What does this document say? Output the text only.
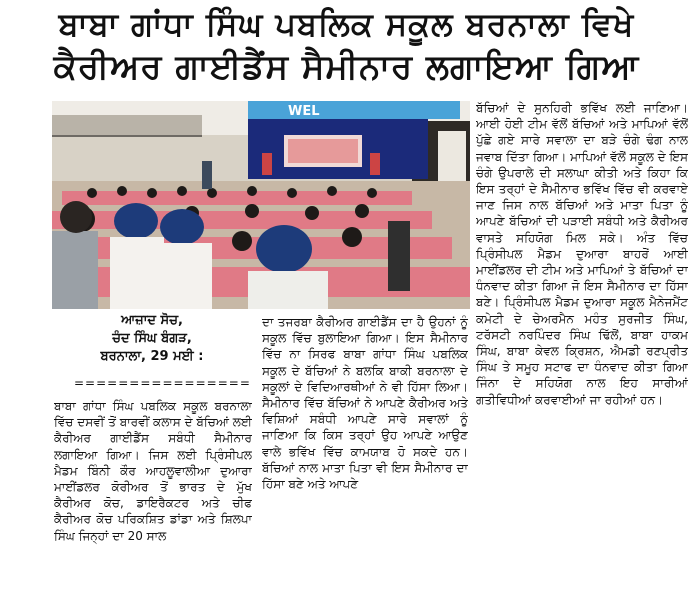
ਬਾਬਾ ਗਾਂਧਾ ਸਿੰਘ ਪਬਲਿਕ ਸਕੂਲ ਬਰਨਾਲਾ ਵਿਖੇ
ਕੈਰੀਅਰ ਗਾਈਡੈਂਸ ਸੈਮੀਨਾਰ ਲਗਾਇਆ ਗਿਆ
WEL
ਆਜ਼ਾਦ ਸੋਚ,
ਚੰਦ ਸਿੰਘ ਬੰਗੜ,
ਬਰਨਾਲਾ, 29 ਮਈ :
================

ਬਾਬਾ ਗਾਂਧਾ ਸਿੰਘ ਪਬਲਿਕ ਸਕੂਲ ਬਰਨਾਲਾ ਵਿੱਚ ਦਸਵੀਂ ਤੋਂ ਬਾਰਵੀਂ ਕਲਾਸ ਦੇ ਬੱਚਿਆਂ ਲਈ ਕੈਰੀਅਰ ਗਾਈਡੈਂਸ ਸਬੰਧੀ ਸੈਮੀਨਾਰ ਲਗਾਇਆ ਗਿਆ। ਜਿਸ ਲਈ ਪ੍ਰਿੰਸੀਪਲ ਮੈਡਮ ਬਿੰਨੀ ਕੌਰ ਆਹਲੂਵਾਲੀਆ ਦੁਆਰਾ ਮਾਈਂਡਲਰ ਕੋਰੀਅਰ ਤੋਂ ਭਾਰਤ ਦੇ ਮੁੱਖ ਕੈਰੀਅਰ ਕੋਚ, ਡਾਇਰੈਕਟਰ ਅਤੇ ਚੀਫ ਕੈਰੀਅਰ ਕੋਚ ਪਰਿਕਸ਼ਿਤ ਡਾਂਡਾ ਅਤੇ ਸ਼ਿਲਪਾ ਸਿੰਘ ਜਿਨ੍ਹਾਂ ਦਾ 20 ਸਾਲ

ਦਾ ਤਜਰਬਾ ਕੈਰੀਅਰ ਗਾਈਡੈਂਸ ਦਾ ਹੈ ਉਹਨਾਂ ਨੂੰ ਸਕੂਲ ਵਿੱਚ ਬੁਲਾਇਆ ਗਿਆ। ਇਸ ਸੈਮੀਨਾਰ ਵਿੱਚ ਨਾ ਸਿਰਫ ਬਾਬਾ ਗਾਂਧਾ ਸਿੰਘ ਪਬਲਿਕ ਸਕੂਲ ਦੇ ਬੱਚਿਆਂ ਨੇ ਬਲਕਿ ਬਾਕੀ ਬਰਨਾਲਾ ਦੇ ਸਕੂਲਾਂ ਦੇ ਵਿਦਿਆਰਥੀਆਂ ਨੇ ਵੀ ਹਿੱਸਾ ਲਿਆ। ਸੈਮੀਨਾਰ ਵਿੱਚ ਬੱਚਿਆਂ ਨੇ ਆਪਣੇ ਕੈਰੀਅਰ ਅਤੇ ਵਿਸ਼ਿਆਂ ਸਬੰਧੀ ਆਪਣੇ ਸਾਰੇ ਸਵਾਲਾਂ ਨੂੰ ਜਾਣਿਆ ਕਿ ਕਿਸ ਤਰ੍ਹਾਂ ਉਹ ਆਪਣੇ ਆਉਣ ਵਾਲੇ ਭਵਿੱਖ ਵਿੱਚ ਕਾਮਯਾਬ ਹੋ ਸਕਦੇ ਹਨ। ਬੱਚਿਆਂ ਨਾਲ ਮਾਤਾ ਪਿਤਾ ਵੀ ਇਸ ਸੈਮੀਨਾਰ ਦਾ ਹਿੱਸਾ ਬਣੇ ਅਤੇ ਆਪਣੇ

ਬੱਚਿਆਂ ਦੇ ਸੁਨਹਿਰੀ ਭਵਿੱਖ ਲਈ ਜਾਣਿਆ। ਆਈ ਹੋਈ ਟੀਮ ਵੱਲੋਂ ਬੱਚਿਆਂ ਅਤੇ ਮਾਪਿਆਂ ਵੱਲੋਂ ਪੁੱਛੇ ਗਏ ਸਾਰੇ ਸਵਾਲਾ ਦਾ ਬੜੇ ਚੰਗੇ ਢੰਗ ਨਾਲ ਜਵਾਬ ਦਿੱਤਾ ਗਿਆ। ਮਾਪਿਆਂ ਵੱਲੋਂ ਸਕੂਲ ਦੇ ਇਸ ਚੰਗੇ ਉਪਰਾਲੇ ਦੀ ਸਲਾਘਾ ਕੀਤੀ ਅਤੇ ਕਿਹਾ ਕਿ ਇਸ ਤਰ੍ਹਾਂ ਦੇ ਸੈਮੀਨਾਰ ਭਵਿੱਖ ਵਿੱਚ ਵੀ ਕਰਵਾਏ ਜਾਣ ਜਿਸ ਨਾਲ ਬੱਚਿਆਂ ਅਤੇ ਮਾਤਾ ਪਿਤਾ ਨੂੰ ਆਪਣੇ ਬੱਚਿਆਂ ਦੀ ਪੜਾਈ ਸਬੰਧੀ ਅਤੇ ਕੈਰੀਅਰ ਵਾਸਤੇ ਸਹਿਯੋਗ ਮਿਲ ਸਕੇ। ਅੰਤ ਵਿੱਚ ਪ੍ਰਿੰਸੀਪਲ ਮੈਡਮ ਦੁਆਰਾ ਬਾਹਰੋਂ ਆਈ ਮਾਈਂਡਲਰ ਦੀ ਟੀਮ ਅਤੇ ਮਾਪਿਆਂ ਤੇ ਬੱਚਿਆਂ ਦਾ ਧੰਨਵਾਦ ਕੀਤਾ ਗਿਆ ਜੋ ਇਸ ਸੈਮੀਨਾਰ ਦਾ ਹਿੱਸਾ ਬਣੇ। ਪ੍ਰਿੰਸੀਪਲ ਮੈਡਮ ਦੁਆਰਾ ਸਕੂਲ ਮੈਨੇਜਮੈਂਟ ਕਮੇਟੀ ਦੇ ਚੇਅਰਮੈਨ ਮਹੰਤ ਸੁਰਜੀਤ ਸਿੰਘ, ਟਰੱਸਟੀ ਨਰਪਿੰਦਰ ਸਿੰਘ ਢਿੱਲੋਂ, ਬਾਬਾ ਹਾਕਮ ਸਿੰਘ, ਬਾਬਾ ਕੇਵਲ ਕ੍ਰਿਸ਼ਨ, ਐਮਡੀ ਰਣਪ੍ਰੀਤ ਸਿੰਘ ਤੇ ਸਮੂਹ ਸਟਾਫ ਦਾ ਧੰਨਵਾਦ ਕੀਤਾ ਗਿਆ ਜਿੰਨਾ ਦੇ ਸਹਿਯੋਗ ਨਾਲ ਇਹ ਸਾਰੀਆਂ ਗਤੀਵਿਧੀਆਂ ਕਰਵਾਈਆਂ ਜਾ ਰਹੀਆਂ ਹਨ।
